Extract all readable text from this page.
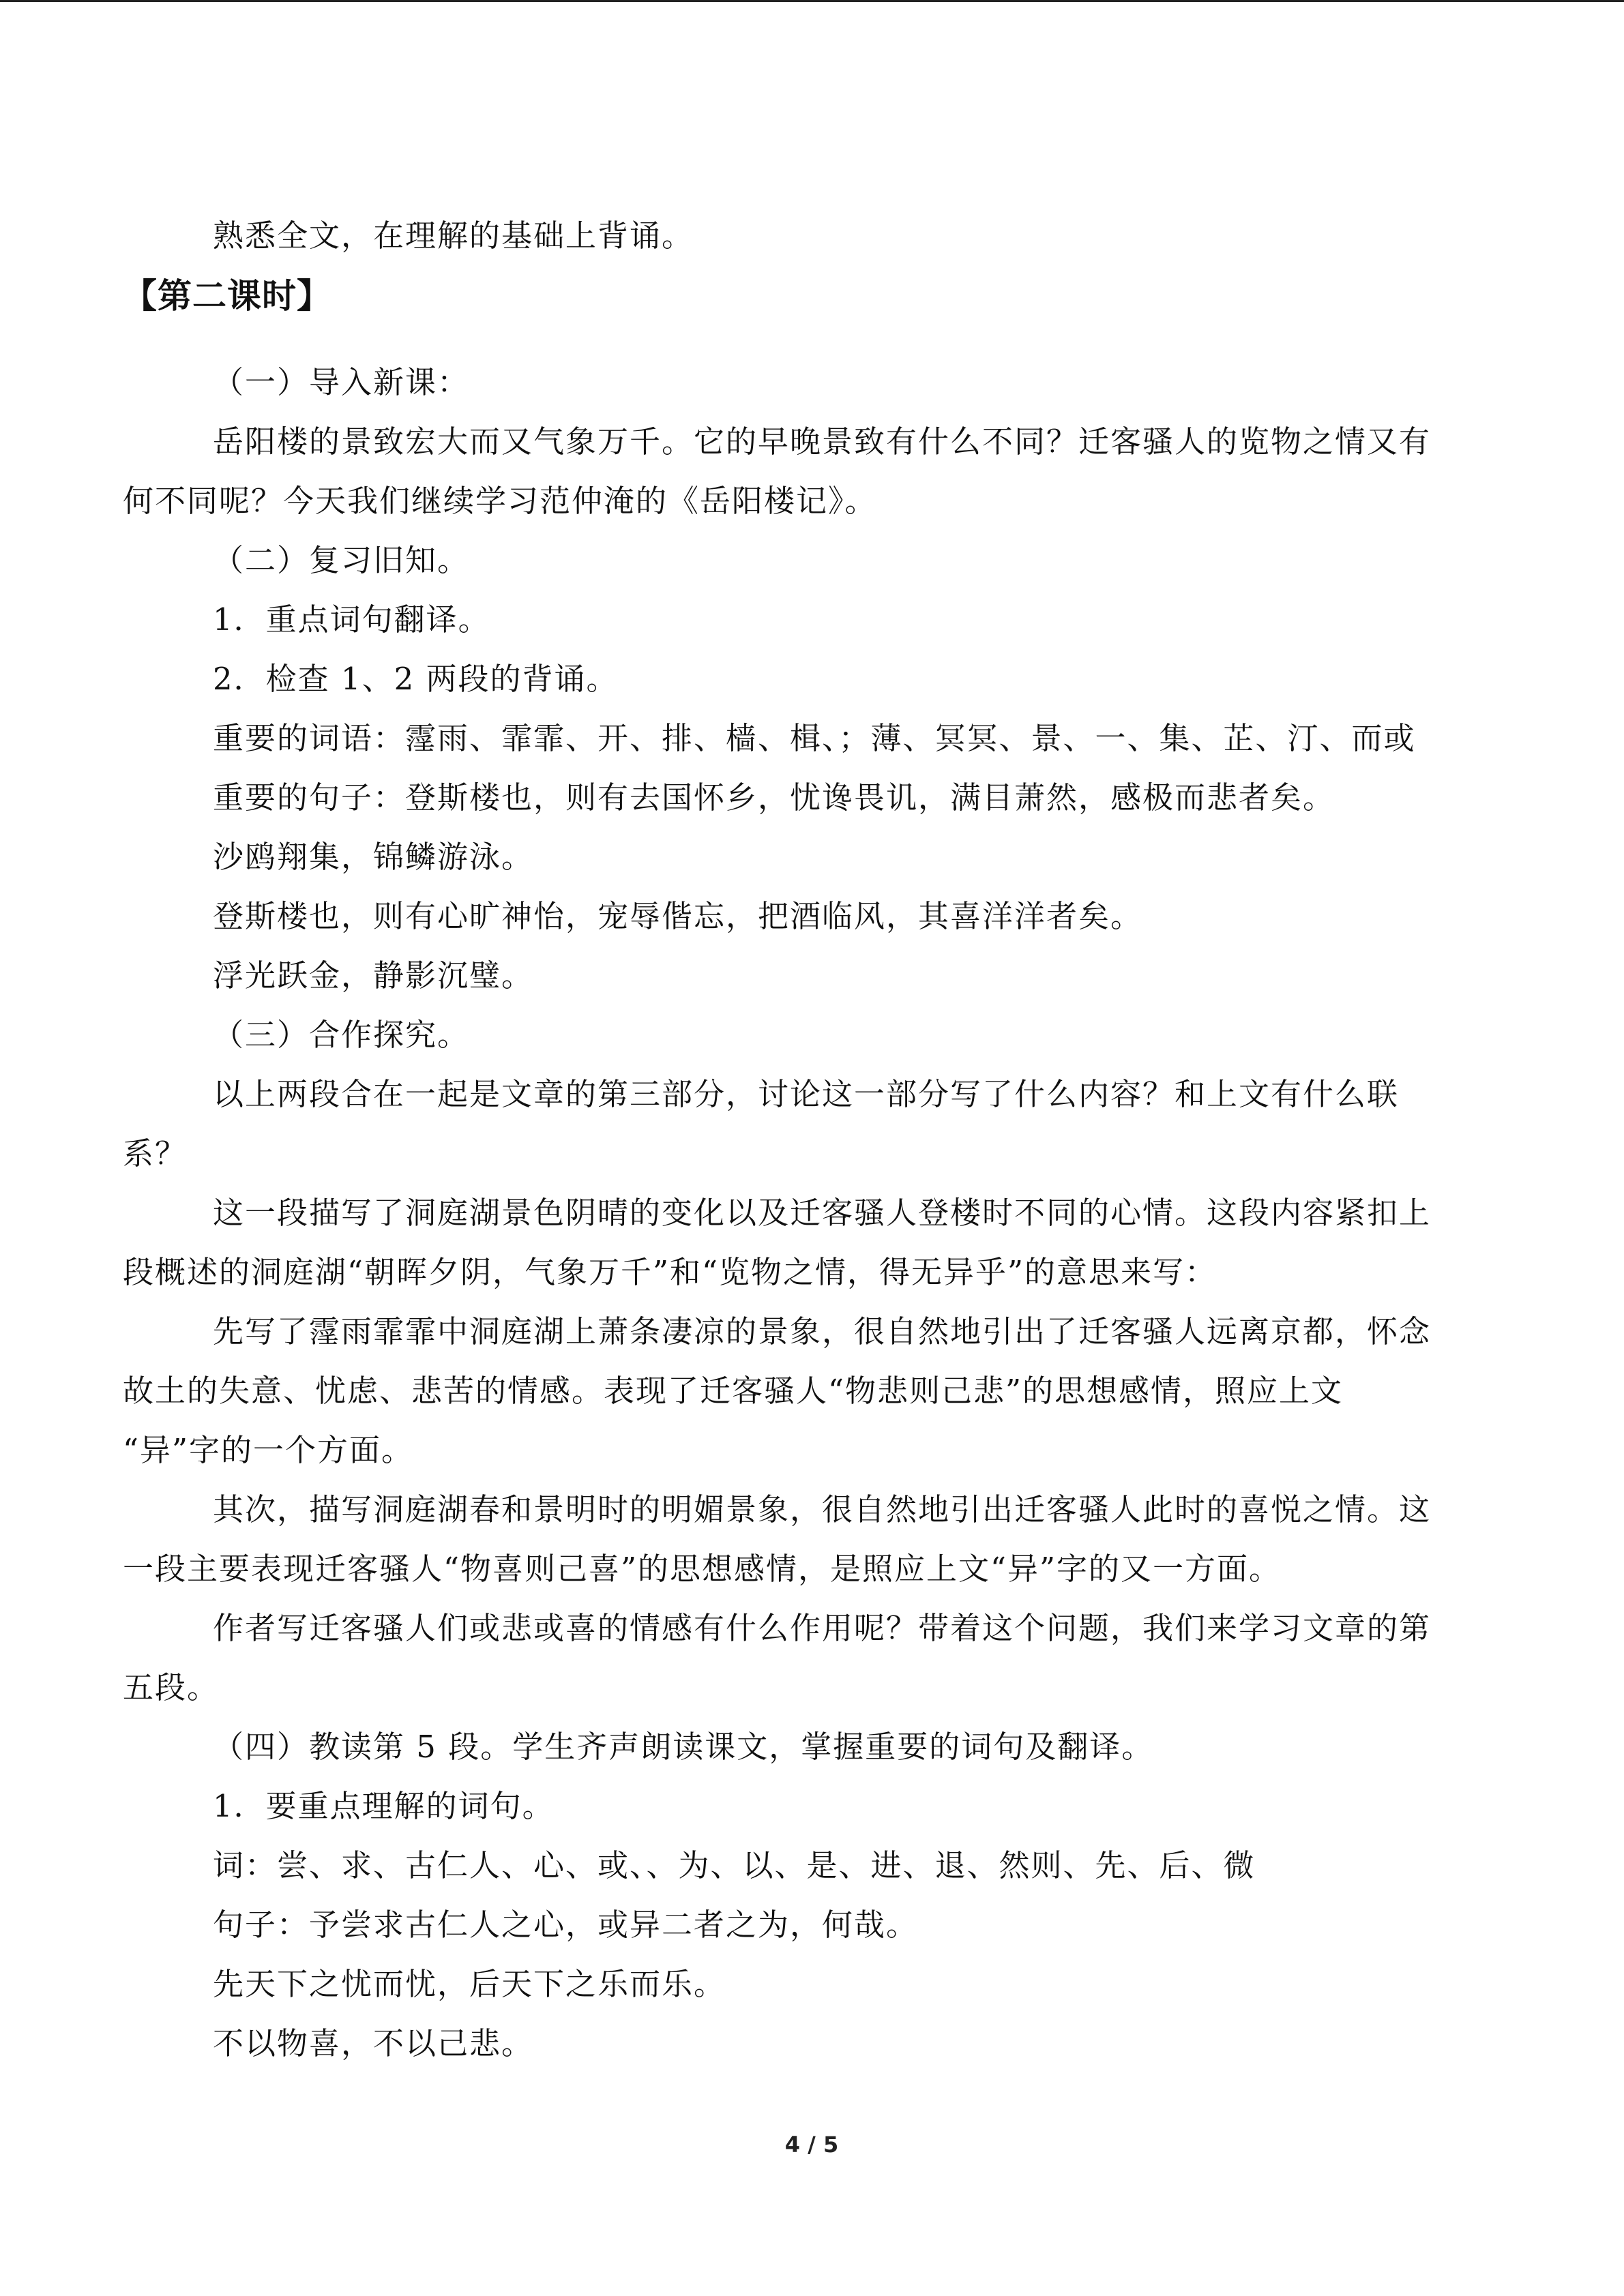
熟悉全文，在理解的基础上背诵。
【第二课时】
（一）导入新课：
岳阳楼的景致宏大而又气象万千。它的早晚景致有什么不同？迁客骚人的览物之情又有
何不同呢？今天我们继续学习范仲淹的《岳阳楼记》。
（二）复习旧知。
1．重点词句翻译。
2．检查 1、2 两段的背诵。
重要的词语：霪雨、霏霏、开、排、樯、楫、；薄、冥冥、景、一、集、芷、汀、而或
重要的句子：登斯楼也，则有去国怀乡，忧谗畏讥，满目萧然，感极而悲者矣。
沙鸥翔集，锦鳞游泳。
登斯楼也，则有心旷神怡，宠辱偕忘，把酒临风，其喜洋洋者矣。
浮光跃金，静影沉璧。
（三）合作探究。
以上两段合在一起是文章的第三部分，讨论这一部分写了什么内容？和上文有什么联
系？
这一段描写了洞庭湖景色阴晴的变化以及迁客骚人登楼时不同的心情。这段内容紧扣上
段概述的洞庭湖“朝晖夕阴，气象万千”和“览物之情，得无异乎”的意思来写：
先写了霪雨霏霏中洞庭湖上萧条凄凉的景象，很自然地引出了迁客骚人远离京都，怀念
故土的失意、忧虑、悲苦的情感。表现了迁客骚人“物悲则己悲”的思想感情，照应上文
“异”字的一个方面。
其次，描写洞庭湖春和景明时的明媚景象，很自然地引出迁客骚人此时的喜悦之情。这
一段主要表现迁客骚人“物喜则己喜”的思想感情，是照应上文“异”字的又一方面。
作者写迁客骚人们或悲或喜的情感有什么作用呢？带着这个问题，我们来学习文章的第
五段。
（四）教读第 5 段。学生齐声朗读课文，掌握重要的词句及翻译。
1．要重点理解的词句。
词：尝、求、古仁人、心、或、、为、以、是、进、退、然则、先、后、微
句子：予尝求古仁人之心，或异二者之为，何哉。
先天下之忧而忧，后天下之乐而乐。
不以物喜，不以己悲。
4 / 5
